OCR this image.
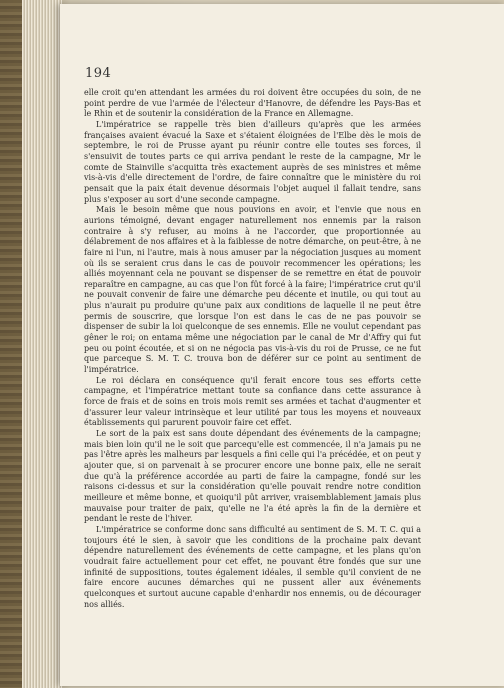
194

elle croit qu'en attendant les armées du roi doivent être occupées du soin, de ne point perdre de vue l'armée de l'électeur d'Hanovre, de défendre les Pays-Bas et le Rhin et de soutenir la considération de la France en Allemagne.

L'impératrice se rappelle très bien d'ailleurs qu'après que les armées françaises avaient évacué la Saxe et s'étaient éloignées de l'Elbe dès le mois de septembre, le roi de Prusse ayant pu réunir contre elle toutes ses forces, il s'ensuivit de toutes parts ce qui arriva pendant le reste de la campagne, Mr le comte de Stainville s'acquitta très exactement auprès de ses ministres et même vis-à-vis d'elle directement de l'ordre, de faire connaître que le ministère du roi pensait que la paix était devenue désormais l'objet auquel il fallait tendre, sans plus s'exposer au sort d'une seconde campagne.

Mais le besoin même que nous pouvions en avoir, et l'envie que nous en aurions témoigné, devant engager naturellement nos ennemis par la raison contraire à s'y refuser, au moins à ne l'accorder, que proportionnée au délabrement de nos affaires et à la faiblesse de notre démarche, on peut-être, à ne faire ni l'un, ni l'autre, mais à nous amuser par la négociation jusques au moment où ils se seraient crus dans le cas de pouvoir recommencer les opérations; les alliés moyennant cela ne pouvant se dispenser de se remettre en état de pouvoir reparaître en campagne, au cas que l'on fût forcé à la faire; l'impératrice crut qu'il ne pouvait convenir de faire une démarche peu décente et inutile, ou qui tout au plus n'aurait pu produire qu'une paix aux conditions de laquelle il ne peut être permis de souscrire, que lorsque l'on est dans le cas de ne pas pouvoir se dispenser de subir la loi quelconque de ses ennemis. Elle ne voulut cependant pas gêner le roi; on entama même une négociation par le canal de Mr d'Affry qui fut peu ou point écoutée, et si on ne négocia pas vis-à-vis du roi de Prusse, ce ne fut que parceque S. M. T. C. trouva bon de déférer sur ce point au sentiment de l'impératrice.

Le roi déclara en conséquence qu'il ferait encore tous ses efforts cette campagne, et l'impératrice mettant toute sa confiance dans cette assurance à force de frais et de soins en trois mois remit ses armées et tachat d'augmenter et d'assurer leur valeur intrinsèque et leur utilité par tous les moyens et nouveaux établissements qui parurent pouvoir faire cet effet.

Le sort de la paix est sans doute dépendant des événements de la campagne; mais bien loin qu'il ne le soit que parcequ'elle est commencée, il n'a jamais pu ne pas l'être après les malheurs par lesquels a fini celle qui l'a précédée, et on peut y ajouter que, si on parvenait à se procurer encore une bonne paix, elle ne serait due qu'à la préférence accordée au parti de faire la campagne, fondé sur les raisons ci-dessus et sur la considération qu'elle pouvait rendre notre condition meilleure et même bonne, et quoiqu'il pût arriver, vraisemblablement jamais plus mauvaise pour traiter de paix, qu'elle ne l'a été après la fin de la dernière et pendant le reste de l'hiver.

L'impératrice se conforme donc sans difficulté au sentiment de S. M. T. C. qui a toujours été le sien, à savoir que les conditions de la prochaine paix devant dépendre naturellement des événements de cette campagne, et les plans qu'on voudrait faire actuellement pour cet effet, ne pouvant être fondés que sur une infinité de suppositions, toutes également idéales, il semble qu'il convient de ne faire encore aucunes démarches qui ne pussent aller aux événements quelconques et surtout aucune capable d'enhardir nos ennemis, ou de décourager nos alliés.
